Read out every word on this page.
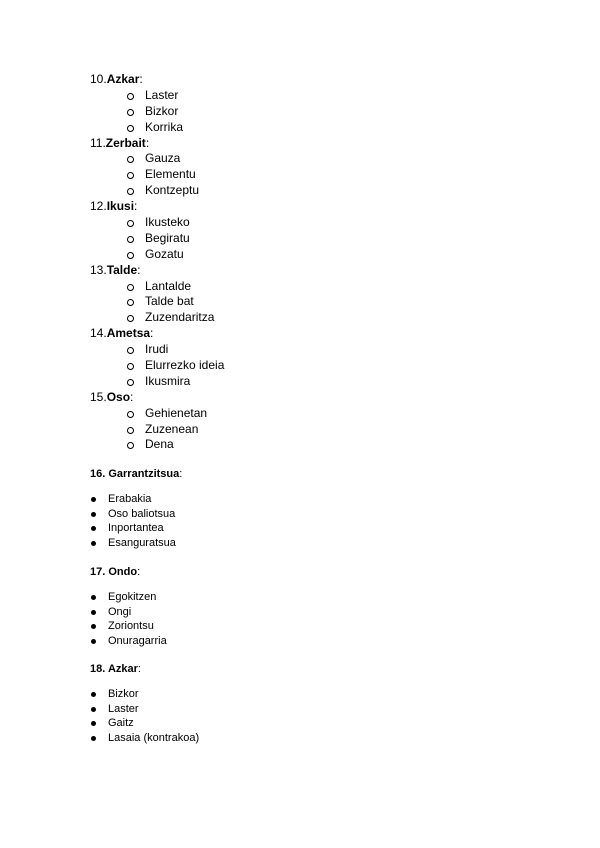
10.Azkar:
Laster
Bizkor
Korrika
11.Zerbait:
Gauza
Elementu
Kontzeptu
12.Ikusi:
Ikusteko
Begiratu
Gozatu
13.Talde:
Lantalde
Talde bat
Zuzendaritza
14.Ametsa:
Irudi
Elurrezko ideia
Ikusmira
15.Oso:
Gehienetan
Zuzenean
Dena
16. Garrantzitsua:
Erabakia
Oso baliotsua
Inportantea
Esanguratsua
17. Ondo:
Egokitzen
Ongi
Zoriontsu
Onuragarria
18. Azkar:
Bizkor
Laster
Gaitz
Lasaia (kontrakoa)
